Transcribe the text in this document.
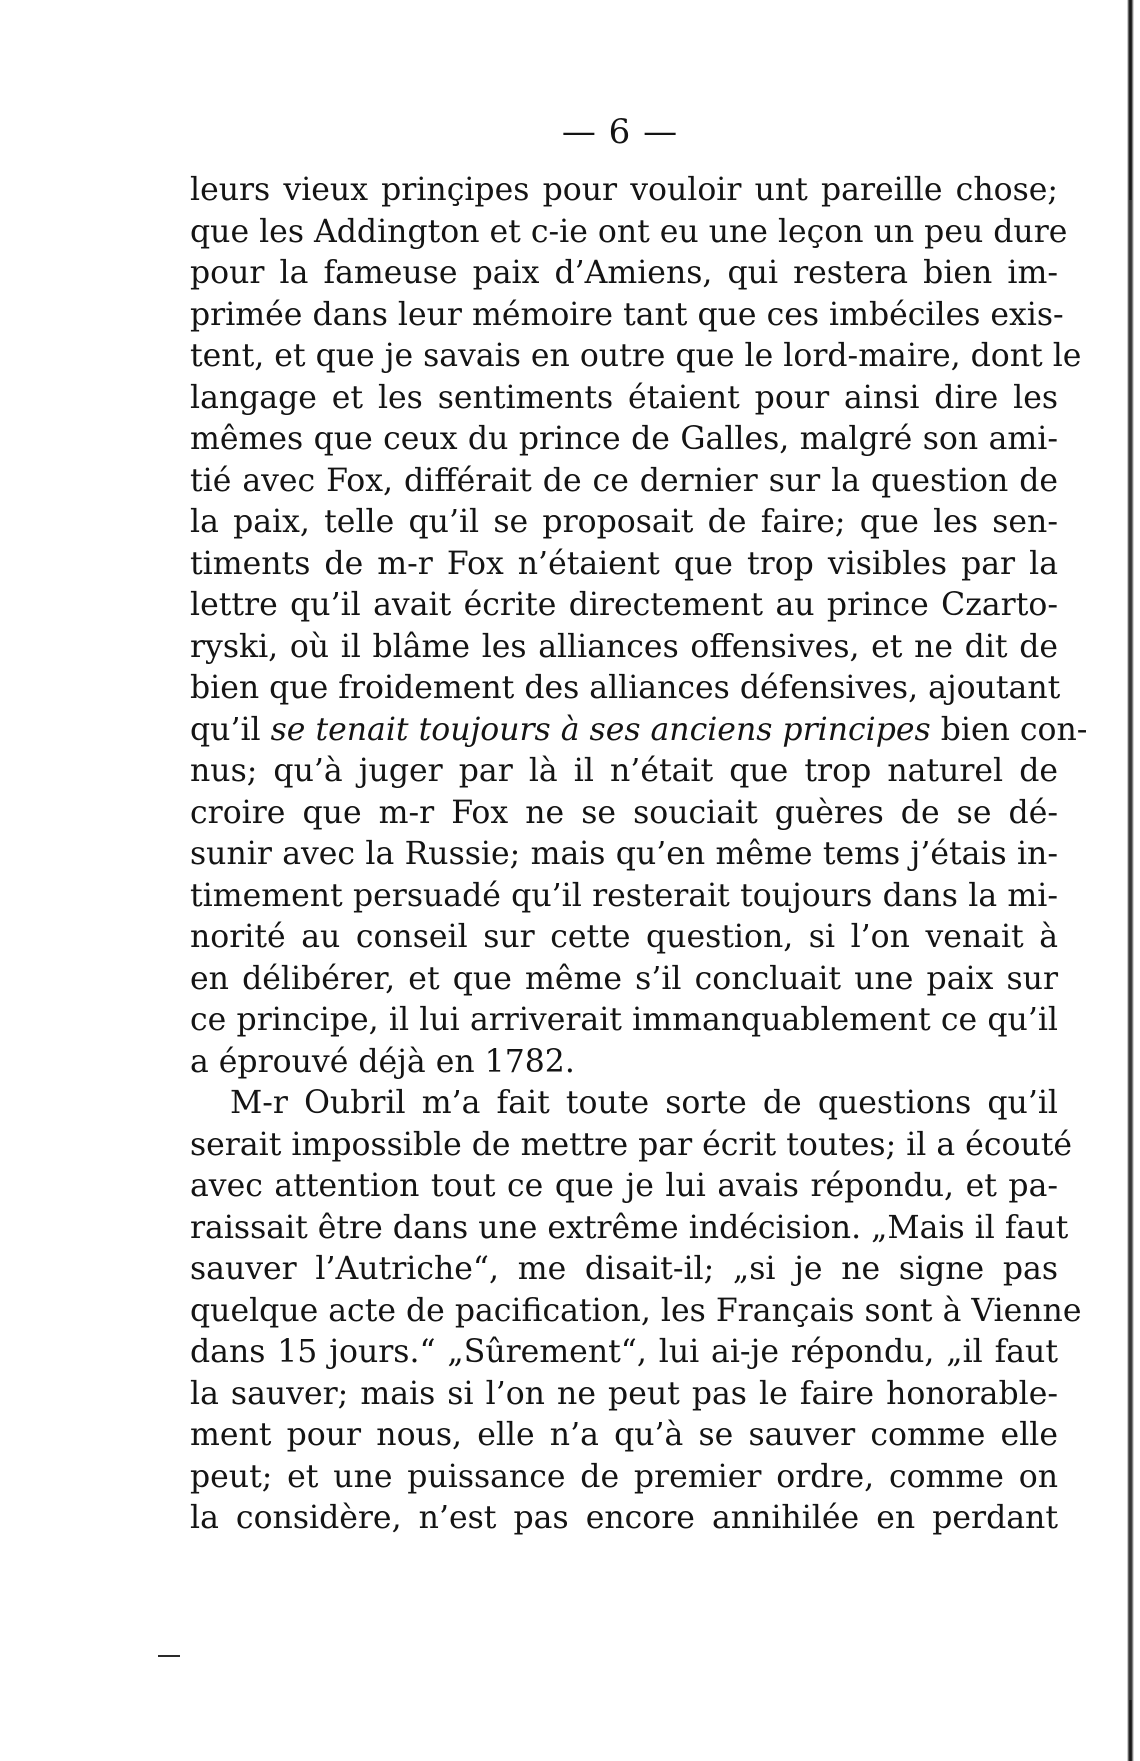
— 6 —
leurs vieux prinçipes pour vouloir unt pareille chose;
que les Addington et c-ie ont eu une leçon un peu dure
pour la fameuse paix d’Amiens, qui restera bien im-
primée dans leur mémoire tant que ces imbéciles exis-
tent, et que je savais en outre que le lord-maire, dont le
langage et les sentiments étaient pour ainsi dire les
mêmes que ceux du prince de Galles, malgré son ami-
tié avec Fox, différait de ce dernier sur la question de
la paix, telle qu’il se proposait de faire; que les sen-
timents de m-r Fox n’étaient que trop visibles par la
lettre qu’il avait écrite directement au prince Czarto-
ryski, où il blâme les alliances offensives, et ne dit de
bien que froidement des alliances défensives, ajoutant
qu’il se tenait toujours à ses anciens principes bien con-
nus; qu’à juger par là il n’était que trop naturel de
croire que m-r Fox ne se souciait guères de se dé-
sunir avec la Russie; mais qu’en même tems j’étais in-
timement persuadé qu’il resterait toujours dans la mi-
norité au conseil sur cette question, si l’on venait à
en délibérer, et que même s’il concluait une paix sur
ce principe, il lui arriverait immanquablement ce qu’il
a éprouvé déjà en 1782.
M-r Oubril m’a fait toute sorte de questions qu’il
serait impossible de mettre par écrit toutes; il a écouté
avec attention tout ce que je lui avais répondu, et pa-
raissait être dans une extrême indécision. „Mais il faut
sauver l’Autriche“, me disait-il; „si je ne signe pas
quelque acte de pacification, les Français sont à Vienne
dans 15 jours.“ „Sûrement“, lui ai-je répondu, „il faut
la sauver; mais si l’on ne peut pas le faire honorable-
ment pour nous, elle n’a qu’à se sauver comme elle
peut; et une puissance de premier ordre, comme on
la considère, n’est pas encore annihilée en perdant
